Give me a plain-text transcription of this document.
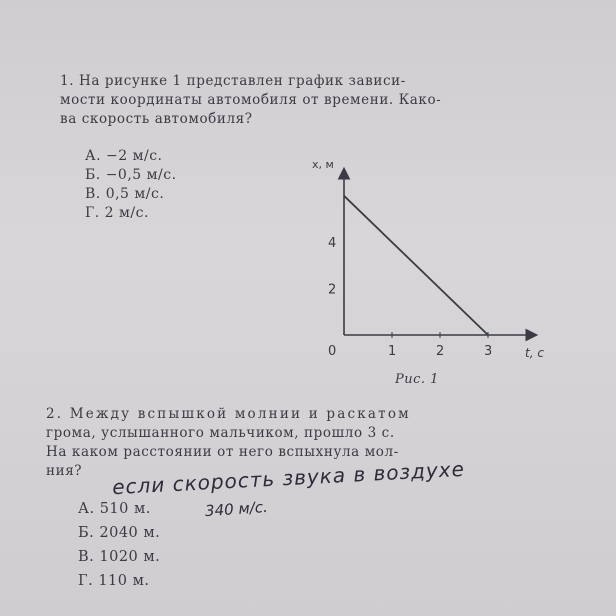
1. На рисунке 1 представлен график зависи-
мости координаты автомобиля от времени. Како-
ва скорость автомобиля?
А. −2 м/с.
Б. −0,5 м/с.
В. 0,5 м/с.
Г. 2 м/с.
x, м
t, с
0	1	2	3
2
4
Рис. 1
2. Между вспышкой молнии и раскатом
грома, услышанного мальчиком, прошло 3 с.
На каком расстоянии от него вспыхнула мол-
ния?	если скорость звука в воздухе
340 м/с.
А. 510 м.
Б. 2040 м.
В. 1020 м.
Г. 110 м.
